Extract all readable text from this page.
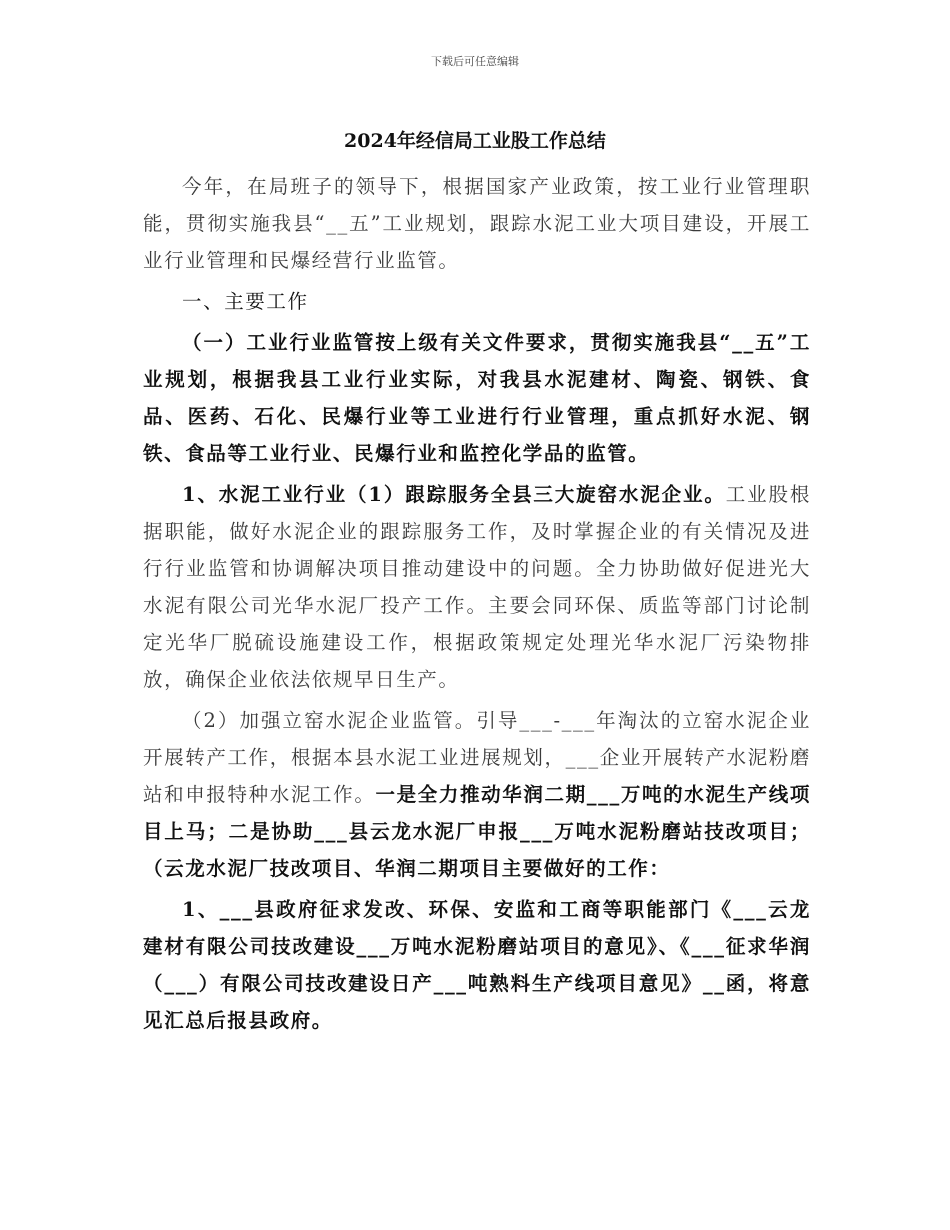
下载后可任意编辑
2024年经信局工业股工作总结

今年，在局班子的领导下，根据国家产业政策，按工业行业管理职能，贯彻实施我县“__五”工业规划，跟踪水泥工业大项目建设，开展工业行业管理和民爆经营行业监管。

一、主要工作

（一）工业行业监管按上级有关文件要求，贯彻实施我县“__五”工业规划，根据我县工业行业实际，对我县水泥建材、陶瓷、钢铁、食品、医药、石化、民爆行业等工业进行行业管理，重点抓好水泥、钢铁、食品等工业行业、民爆行业和监控化学品的监管。

1、水泥工业行业（1）跟踪服务全县三大旋窑水泥企业。工业股根据职能，做好水泥企业的跟踪服务工作，及时掌握企业的有关情况及进行行业监管和协调解决项目推动建设中的问题。全力协助做好促进光大水泥有限公司光华水泥厂投产工作。主要会同环保、质监等部门讨论制定光华厂脱硫设施建设工作，根据政策规定处理光华水泥厂污染物排放，确保企业依法依规早日生产。

（2）加强立窑水泥企业监管。引导___-___年淘汰的立窑水泥企业开展转产工作，根据本县水泥工业进展规划，___企业开展转产水泥粉磨站和申报特种水泥工作。一是全力推动华润二期___万吨的水泥生产线项目上马；二是协助___县云龙水泥厂申报___万吨水泥粉磨站技改项目；（云龙水泥厂技改项目、华润二期项目主要做好的工作：

1、___县政府征求发改、环保、安监和工商等职能部门《___云龙建材有限公司技改建设___万吨水泥粉磨站项目的意见》、《___征求华润（___）有限公司技改建设日产___吨熟料生产线项目意见》__函，将意见汇总后报县政府。
